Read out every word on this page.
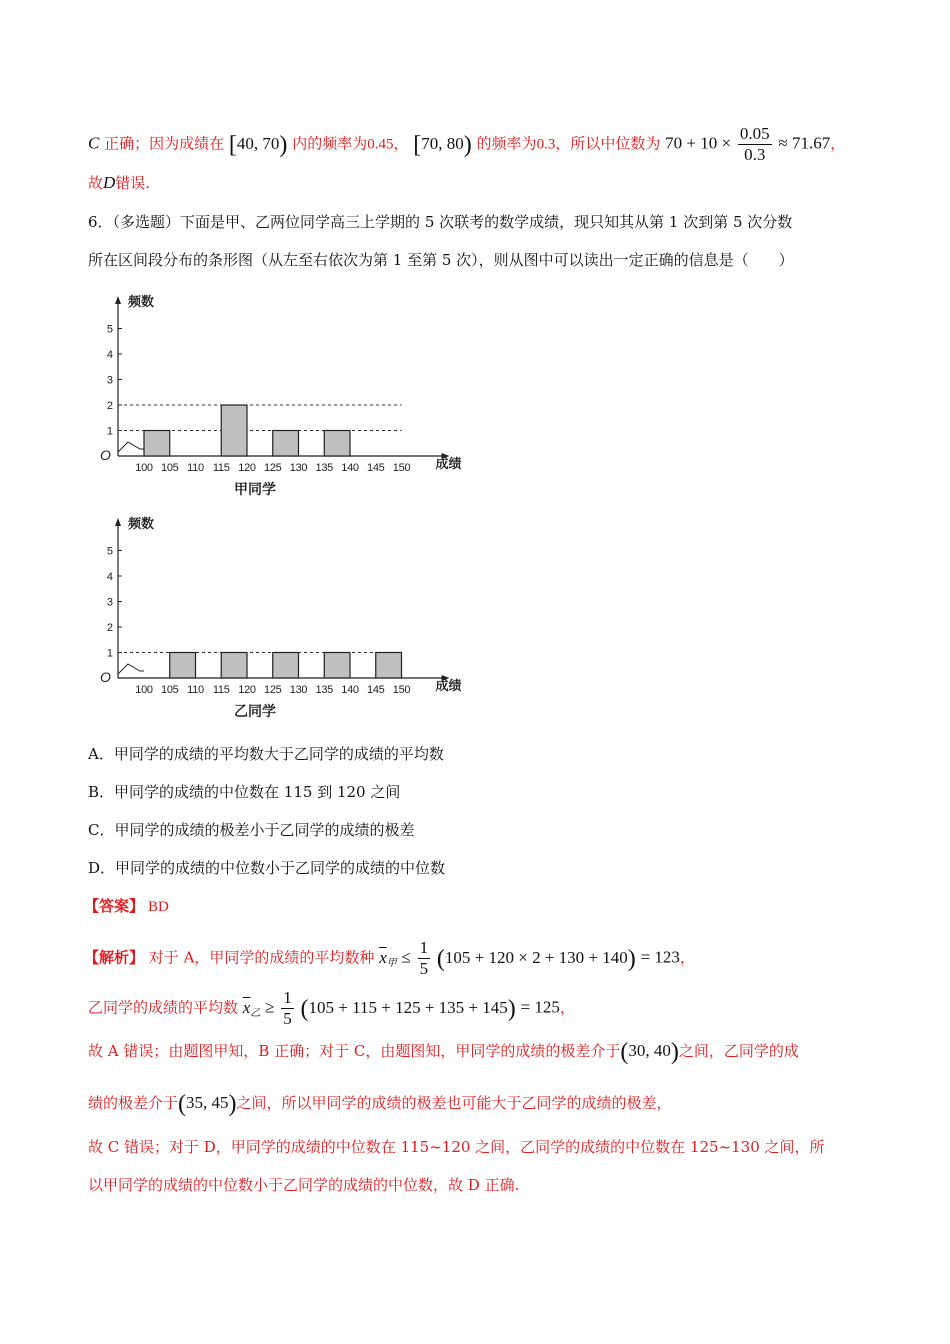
C 正确；因为成绩在 [40, 70) 内的频率为0.45， [70, 80) 的频率为0.3，所以中位数为 $70 + 10 \times \frac{0.05}{0.3} \approx 71.67$，
故D错误.
6．（多选题）下面是甲、乙两位同学高三上学期的 5 次联考的数学成绩，现只知其从第 1 次到第 5 次分数
所在区间段分布的条形图（从左至右依次为第 1 至第 5 次），则从图中可以读出一定正确的信息是（　　）
1
2
3
4
5
100 105 110 115 120 125 130 135 140 145 150
频数
成绩
O
甲同学
1
2
3
4
5
100 105 110 115 120 125 130 135 140 145 150
频数
成绩
O
乙同学
A．甲同学的成绩的平均数大于乙同学的成绩的平均数
B．甲同学的成绩的中位数在 115 到 120 之间
C．甲同学的成绩的极差小于乙同学的成绩的极差
D．甲同学的成绩的中位数小于乙同学的成绩的中位数
【答案】 BD
【解析】 对于 A，甲同学的成绩的平均数种 $\overline{x}_甲 \le \frac{1}{5} (105 + 120 \times 2 + 130 + 140) = 123$，
乙同学的成绩的平均数 $\overline{x}_乙 \ge \frac{1}{5} (105 + 115 + 125 + 135 + 145) = 125$，
故 A 错误；由题图甲知，B 正确；对于 C，由题图知，甲同学的成绩的极差介于(30, 40)之间，乙同学的成
绩的极差介于(35, 45)之间，所以甲同学的成绩的极差也可能大于乙同学的成绩的极差，
故 C 错误；对于 D，甲同学的成绩的中位数在 115~120 之间，乙同学的成绩的中位数在 125~130 之间，所
以甲同学的成绩的中位数小于乙同学的成绩的中位数，故 D 正确.
